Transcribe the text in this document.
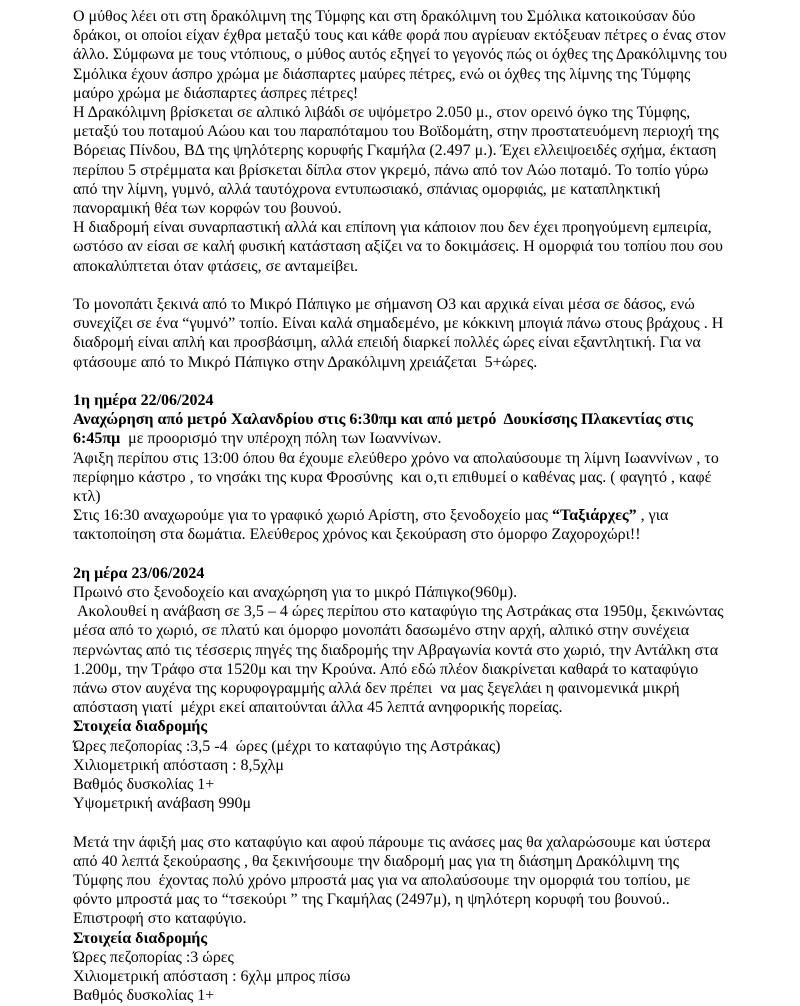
Ο μύθος λέει οτι στη δρακόλιμνη της Τύμφης και στη δρακόλιμνη του Σμόλικα κατοικούσαν δύο δράκοι, οι οποίοι είχαν έχθρα μεταξύ τους και κάθε φορά που αγρίευαν εκτόξευαν πέτρες ο ένας στον άλλο. Σύμφωνα με τους ντόπιους, ο μύθος αυτός εξηγεί το γεγονός πώς οι όχθες της Δρακόλιμνης του Σμόλικα έχουν άσπρο χρώμα με διάσπαρτες μαύρες πέτρες, ενώ οι όχθες της λίμνης της Τύμφης μαύρο χρώμα με διάσπαρτες άσπρες πέτρες!

Η Δρακόλιμνη βρίσκεται σε αλπικό λιβάδι σε υψόμετρο 2.050 μ., στον ορεινό όγκο της Τύμφης, μεταξύ του ποταμού Αώου και του παραπόταμου του Βοϊδομάτη, στην προστατευόμενη περιοχή της Βόρειας Πίνδου, ΒΔ της ψηλότερης κορυφής Γκαμήλα (2.497 μ.). Έχει ελλειψοειδές σχήμα, έκταση περίπου 5 στρέμματα και βρίσκεται δίπλα στον γκρεμό, πάνω από τον Αώο ποταμό. Το τοπίο γύρω από την λίμνη, γυμνό, αλλά ταυτόχρονα εντυπωσιακό, σπάνιας ομορφιάς, με καταπληκτική πανοραμική θέα των κορφών του βουνού.

Η διαδρομή είναι συναρπαστική αλλά και επίπονη για κάποιον που δεν έχει προηγούμενη εμπειρία, ωστόσο αν είσαι σε καλή φυσική κατάσταση αξίζει να το δοκιμάσεις. Η ομορφιά του τοπίου που σου αποκαλύπτεται όταν φτάσεις, σε ανταμείβει.

Το μονοπάτι ξεκινά από το Μικρό Πάπιγκο με σήμανση Ο3 και αρχικά είναι μέσα σε δάσος, ενώ συνεχίζει σε ένα “γυμνό” τοπίο. Είναι καλά σημαδεμένο, με κόκκινη μπογιά πάνω στους βράχους . Η διαδρομή είναι απλή και προσβάσιμη, αλλά επειδή διαρκεί πολλές ώρες είναι εξαντλητική. Για να φτάσουμε από το Μικρό Πάπιγκο στην Δρακόλιμνη χρειάζεται  5+ώρες.

1η ημέρα 22/06/2024

Αναχώρηση από μετρό Χαλανδρίου στις 6:30πμ και από μετρό  Δουκίσσης Πλακεντίας στις 6:45πμ  με προορισμό την υπέροχη πόλη των Ιωαννίνων.

Άφιξη περίπου στις 13:00 όπου θα έχουμε ελεύθερο χρόνο να απολαύσουμε τη λίμνη Ιωαννίνων , το περίφημο κάστρο , το νησάκι της κυρα Φροσύνης  και ο,τι επιθυμεί ο καθένας μας. ( φαγητό , καφέ κτλ)

Στις 16:30 αναχωρούμε για το γραφικό χωριό Αρίστη, στο ξενοδοχείο μας “Ταξιάρχες” , για τακτοποίηση στα δωμάτια. Ελεύθερος χρόνος και ξεκούραση στο όμορφο Ζαχοροχώρι!!

2η μέρα 23/06/2024

Πρωινό στο ξενοδοχείο και αναχώρηση για το μικρό Πάπιγκο(960μ).

Ακολουθεί η ανάβαση σε 3,5 – 4 ώρες περίπου στο καταφύγιο της Αστράκας στα 1950μ, ξεκινώντας μέσα από το χωριό, σε πλατύ και όμορφο μονοπάτι δασωμένο στην αρχή, αλπικό στην συνέχεια περνώντας από τις τέσσερις πηγές της διαδρομής την Αβραγωνία κοντά στο χωριό, την Αντάλκη στα 1.200μ, την Τράφο στα 1520μ και την Κρούνα. Από εδώ πλέον διακρίνεται καθαρά το καταφύγιο πάνω στον αυχένα της κορυφογραμμής αλλά δεν πρέπει  να μας ξεγελάει η φαινομενικά μικρή  απόσταση γιατί  μέχρι εκεί απαιτούνται άλλα 45 λεπτά ανηφορικής πορείας.

Στοιχεία διαδρομής

Ώρες πεζοπορίας :3,5 -4  ώρες (μέχρι το καταφύγιο της Αστράκας)

Χιλιομετρική απόσταση : 8,5χλμ

Βαθμός δυσκολίας 1+

Υψομετρική ανάβαση 990μ

Μετά την άφιξή μας στο καταφύγιο και αφού πάρουμε τις ανάσες μας θα χαλαρώσουμε και ύστερα από 40 λεπτά ξεκούρασης , θα ξεκινήσουμε την διαδρομή μας για τη διάσημη Δρακόλιμνη της Τύμφης που  έχοντας πολύ χρόνο μπροστά μας για να απολαύσουμε την ομορφιά του τοπίου, με φόντο μπροστά μας το “τσεκούρι ” της Γκαμήλας (2497μ), η ψηλότερη κορυφή του βουνού..

Επιστροφή στο καταφύγιο.

Στοιχεία διαδρομής

Ώρες πεζοπορίας :3 ώρες

Χιλιομετρική απόσταση : 6χλμ μπρος πίσω

Βαθμός δυσκολίας 1+
